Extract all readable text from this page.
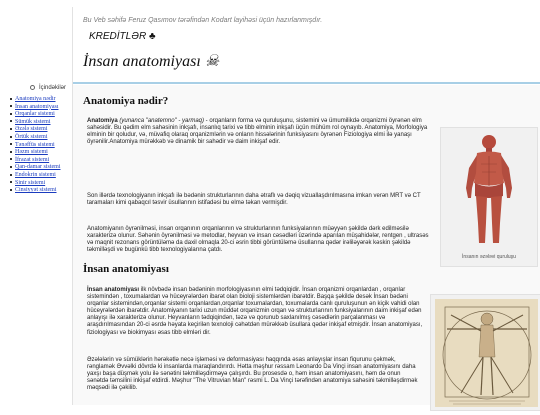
Bu Veb səhifə Feruz Qasımov tərəfindən Kodart layihəsi üçün hazırlanmışdır.
KREDİTLƏR ♣
İnsan anatomiyası ☠
İçindəkilər
Anatomiya nədir
İnsan anatomiyası
Orqanlar sistemi
Sümük sistemi
Əzələ sistemi
Örtük sistemi
Tənəffüs sistemi
Həzm sistemi
İfrazat sistemi
Qan-damar sistemi
Endokrin sistemi
Sinir sistemi
Cinsiyyət sistemi
Anatomiya nədir?
Anatomiya (yunanca "anatemno" - yarmaq) - orqanların forma və quruluşunu, sistemini və ümumilikdə orqanizmi öyrənən elm sahəsidir. Bu qədim elm sahəsinin inkşafı, insanlıq tarixi və tibb elminin inkşafı üçün mühüm rol oynayıb. Anatomiya, Morfologiya elminin bir qoludur, və, müvafiq olaraq orqanizmlərin və onların hissələrinin funksiyasını öyrənən Fiziologiya elmi ilə yanaşı öyrənilir.Anatomiya mürəkkəb və dinamik bir sahədir və daim inkişaf edir.
Son illərdə texnologiyanın inkşafı ilə bədənin strukturlarının daha ətraflı və dəqiq vizuallaşdırılmasına imkan verən MRT və CT taramaları kimi qabaqcıl təsvir üsullarının istifadəsi bu elmə təkan vermişdir.
Anatomiyanın öyrənilməsi, insan orqanının orqanlarının və strukturlarının funksiyalarının müəyyən şəkildə dərk edilməsilə xarakterizə olunur. Səhənin öyrənilməsi və metodlar, heyvan və insan cəsədləri üzərində aparılan müşahidələr, rentgen , ultrasəs və maqnit rezonans görüntüləmə da daxil olmaqla 20-ci əsrin tibbi görüntüləmə üsullarına qədər irəliləyərək kəskin şəkildə təkmilləşdi ve bugünkü tibb texnologiyalarına çatdı.
İnsanın əzələvi quruluşu
İnsan anatomiyası
İnsan anatomiyası ilk növbədə insan bədəninin morfologiyasının elmi tədqiqidir. İnsan orqanizmi orqanlardan , orqanlar sistemindən , toxumalardan və hüceyrələrdən ibarət olan bioloji sistemlərdən ibarətdir. Başqa şəkildə desək İnsan bədəni orqanlar sistemindən,orqanlar sistemi orqanlardan,orqanlar toxumalardan, toxumalarda canlı quruluşunun ən kiçik vahidi olan hüceyrələrdən ibarətdir. Anatomiyanın tarixi uzun müddət orqanizmin orqan və strukturlarının funksiyalarının daim inkişaf edən anlayışı ilə xarakterizə olunur. Heyvanların tədqiqindən, təzə və qorunub saxlanılmış cəsədlərin parçalanması və araşdırılmasından 20-ci əsrdə həyata keçirilən texnoloji cəhətdən mürəkkəb üsullara qədər inkişaf etmişdir. İnsan anatomiyası, fiziologiyası və biokimyası əsas tibb elmləri dir.
Əzələlərin və sümüklərin hərəkətlə necə işləməsi və deformasiyası haqqında əsas anlayışlar insan fiqurunu çəkmək, rənglamək Əvvəlki dövrdə ki insanlarda maraqlandırırdı. Hətta məşhur rəssam Leonardo Da Vinçi insan anatomiyasını daha yaxşı başa düşmək yolu ilə sənətini təkmilləşdirməyə çalışırdı. Bu prosesdə o, həm insan anatomiyasını, həm də onun sənətdə təmsilini inkişaf etdirdi. Məşhur "The Vitruvian Man" rəsmi L. Da Vinçi tərəfindən anatomiya sahəsini təkmilləşdirmək məqsədi ilə çəkilib.
